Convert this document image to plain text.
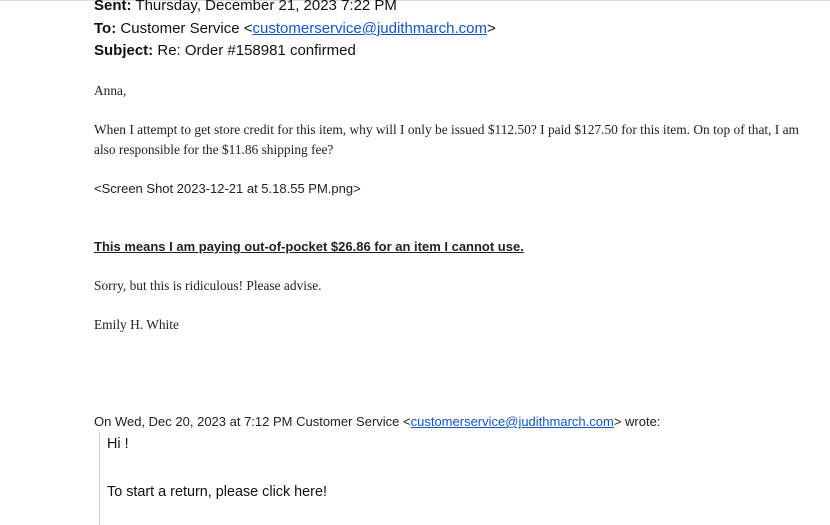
Sent: Thursday, December 21, 2023 7:22 PM
To: Customer Service <customerservice@judithmarch.com>
Subject: Re: Order #158981 confirmed
Anna,
When I attempt to get store credit for this item, why will I only be issued $112.50? I paid $127.50 for this item. On top of that, I am also responsible for the $11.86 shipping fee?
<Screen Shot 2023-12-21 at 5.18.55 PM.png>
This means I am paying out-of-pocket $26.86 for an item I cannot use.
Sorry, but this is ridiculous! Please advise.
Emily H. White
On Wed, Dec 20, 2023 at 7:12 PM Customer Service <customerservice@judithmarch.com> wrote:
Hi !
To start a return, please click here!
